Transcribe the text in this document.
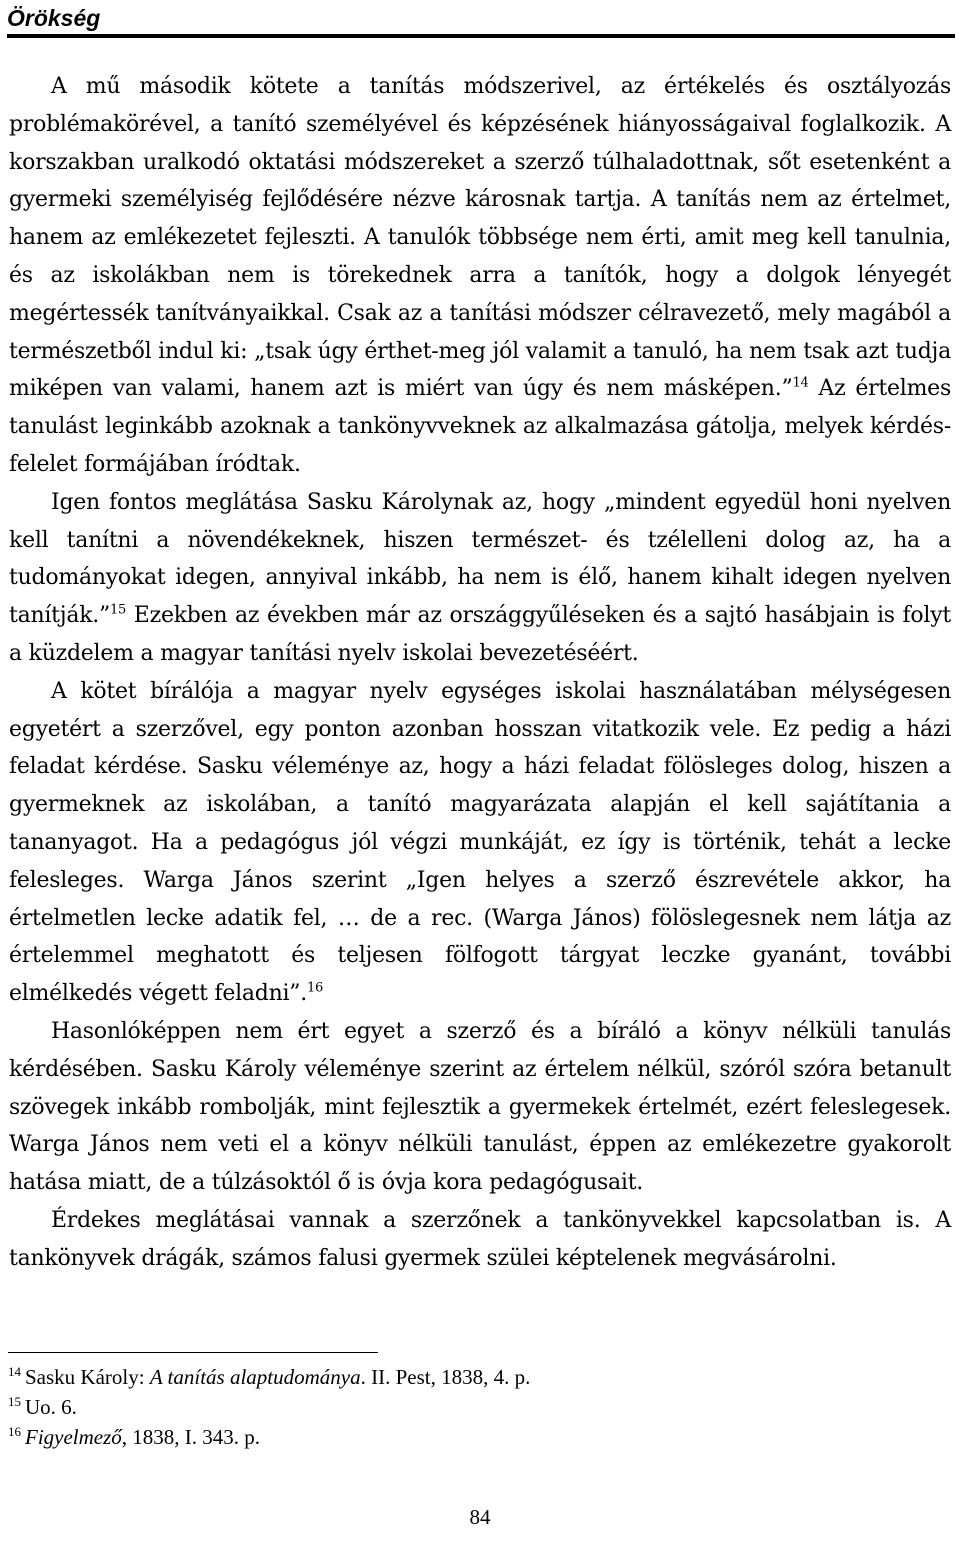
Örökség

A mű második kötete a tanítás módszerivel, az értékelés és osztályozás problémakörével, a tanító személyével és képzésének hiányosságaival foglalkozik. A korszakban uralkodó oktatási módszereket a szerző túlhaladottnak, sőt esetenként a gyermeki személyiség fejlődésére nézve károsnak tartja. A tanítás nem az értelmet, hanem az emlékezetet fejleszti. A tanulók többsége nem érti, amit meg kell tanulnia, és az iskolákban nem is törekednek arra a tanítók, hogy a dolgok lényegét megértessék tanítványaikkal. Csak az a tanítási módszer célravezető, mely magából a természetből indul ki: „tsak úgy érthet-meg jól valamit a tanuló, ha nem tsak azt tudja miképen van valami, hanem azt is miért van úgy és nem másképen.”$^{14}$ Az értelmes tanulást leginkább azoknak a tankönyvveknek az alkalmazása gátolja, melyek kérdés-felelet formájában íródtak.

Igen fontos meglátása Sasku Károlynak az, hogy „mindent egyedül honi nyelven kell tanítni a növendékeknek, hiszen természet- és tzélelleni dolog az, ha a tudományokat idegen, annyival inkább, ha nem is élő, hanem kihalt idegen nyelven tanítják.”$^{15}$ Ezekben az években már az országgyűléseken és a sajtó hasábjain is folyt a küzdelem a magyar tanítási nyelv iskolai bevezetéséért.

A kötet bírálója a magyar nyelv egységes iskolai használatában mélységesen egyetért a szerzővel, egy ponton azonban hosszan vitatkozik vele. Ez pedig a házi feladat kérdése. Sasku véleménye az, hogy a házi feladat fölösleges dolog, hiszen a gyermeknek az iskolában, a tanító magyarázata alapján el kell sajátítania a tananyagot. Ha a pedagógus jól végzi munkáját, ez így is történik, tehát a lecke felesleges. Warga János szerint „Igen helyes a szerző észrevétele akkor, ha értelmetlen lecke adatik fel, … de a rec. (Warga János) fölöslegesnek nem látja az értelemmel meghatott és teljesen fölfogott tárgyat leczke gyanánt, további elmélkedés végett feladni”.$^{16}$

Hasonlóképpen nem ért egyet a szerző és a bíráló a könyv nélküli tanulás kérdésében. Sasku Károly véleménye szerint az értelem nélkül, szóról szóra betanult szövegek inkább rombolják, mint fejlesztik a gyermekek értelmét, ezért feleslegesek. Warga János nem veti el a könyv nélküli tanulást, éppen az emlékezetre gyakorolt hatása miatt, de a túlzásoktól ő is óvja kora pedagógusait.

Érdekes meglátásai vannak a szerzőnek a tankönyvekkel kapcsolatban is. A tankönyvek drágák, számos falusi gyermek szülei képtelenek megvásárolni.

$^{14}$ Sasku Károly: A tanítás alaptudománya. II. Pest, 1838, 4. p.
$^{15}$ Uo. 6.
$^{16}$ Figyelmező, 1838, I. 343. p.
84
